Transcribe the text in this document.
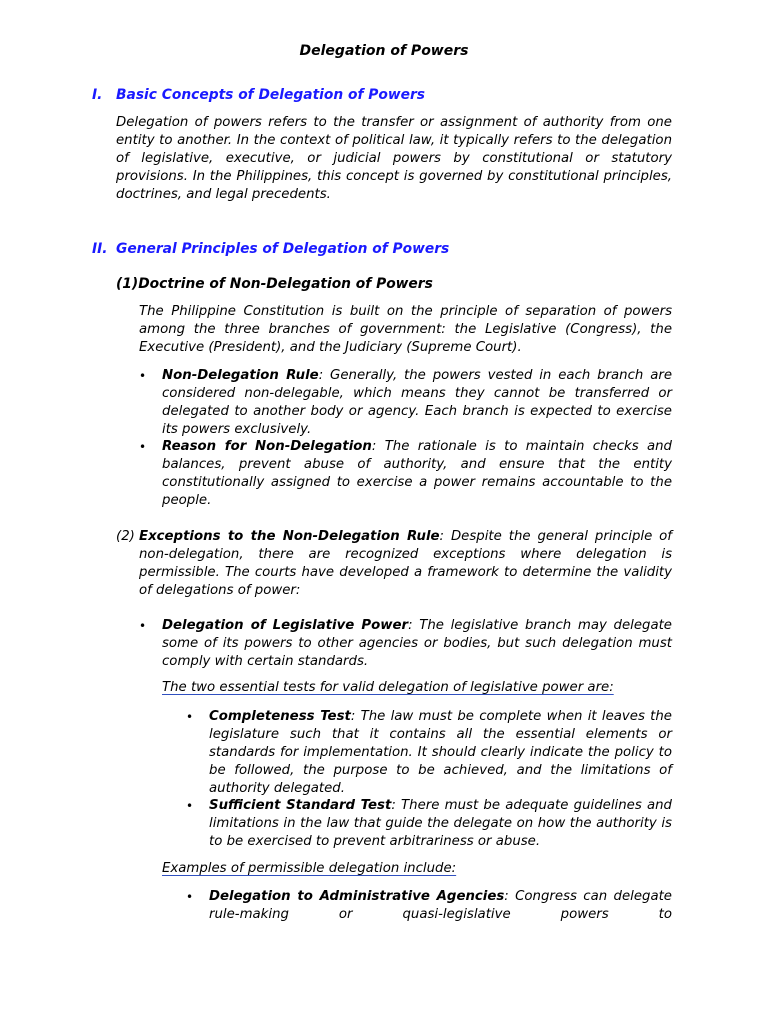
Delegation of Powers
I. Basic Concepts of Delegation of Powers
Delegation of powers refers to the transfer or assignment of authority from one entity to another. In the context of political law, it typically refers to the delegation of legislative, executive, or judicial powers by constitutional or statutory provisions. In the Philippines, this concept is governed by constitutional principles, doctrines, and legal precedents.
II. General Principles of Delegation of Powers
(1)Doctrine of Non-Delegation of Powers
The Philippine Constitution is built on the principle of separation of powers among the three branches of government: the Legislative (Congress), the Executive (President), and the Judiciary (Supreme Court).
• Non-Delegation Rule: Generally, the powers vested in each branch are considered non-delegable, which means they cannot be transferred or delegated to another body or agency. Each branch is expected to exercise its powers exclusively.
• Reason for Non-Delegation: The rationale is to maintain checks and balances, prevent abuse of authority, and ensure that the entity constitutionally assigned to exercise a power remains accountable to the people.
(2) Exceptions to the Non-Delegation Rule: Despite the general principle of non-delegation, there are recognized exceptions where delegation is permissible. The courts have developed a framework to determine the validity of delegations of power:
• Delegation of Legislative Power: The legislative branch may delegate some of its powers to other agencies or bodies, but such delegation must comply with certain standards.
The two essential tests for valid delegation of legislative power are:
• Completeness Test: The law must be complete when it leaves the legislature such that it contains all the essential elements or standards for implementation. It should clearly indicate the policy to be followed, the purpose to be achieved, and the limitations of authority delegated.
• Sufficient Standard Test: There must be adequate guidelines and limitations in the law that guide the delegate on how the authority is to be exercised to prevent arbitrariness or abuse.
Examples of permissible delegation include:
• Delegation to Administrative Agencies: Congress can delegate rule-making or quasi-legislative powers to
